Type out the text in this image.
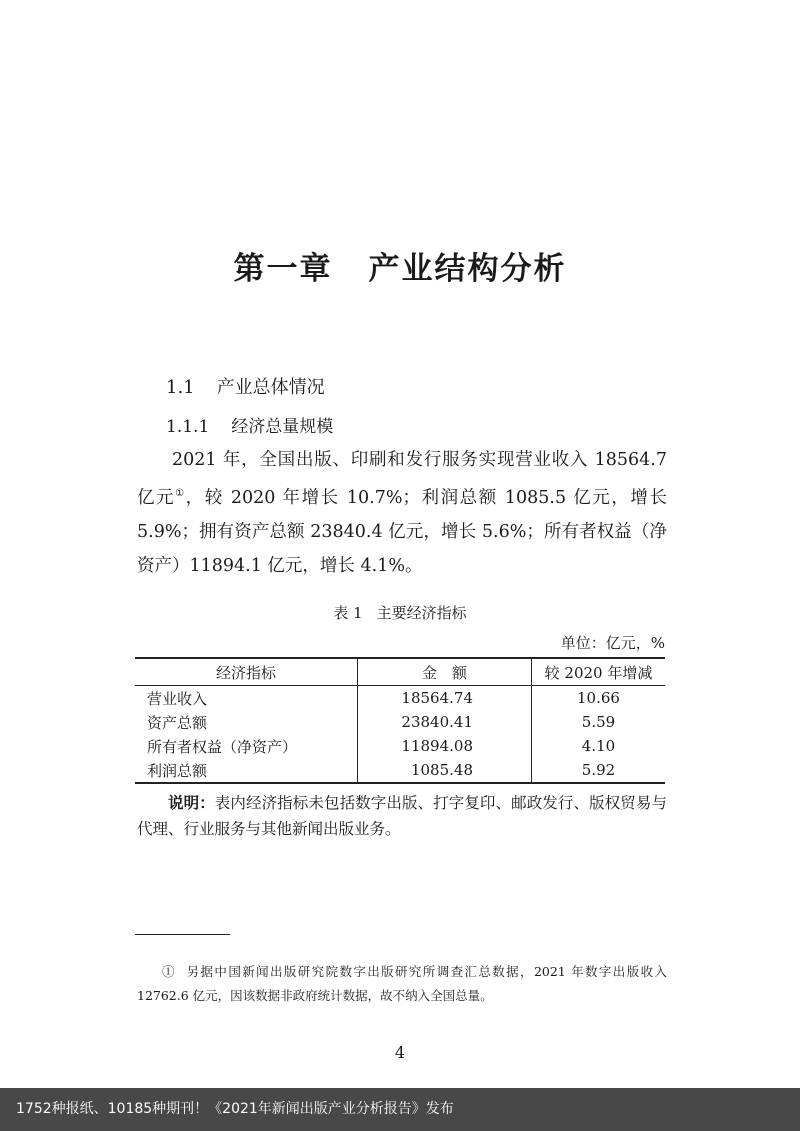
第一章 产业结构分析
1.1 产业总体情况
1.1.1 经济总量规模

2021 年，全国出版、印刷和发行服务实现营业收入 18564.7 亿元①，较 2020 年增长 10.7%；利润总额 1085.5 亿元，增长 5.9%；拥有资产总额 23840.4 亿元，增长 5.6%；所有者权益（净资产）11894.1 亿元，增长 4.1%。

表 1 主要经济指标
单位：亿元，%
经济指标	金　额	较 2020 年增减
营业收入	18564.74	10.66
资产总额	23840.41	5.59
所有者权益（净资产）	11894.08	4.10
利润总额	1085.48	5.92

说明：表内经济指标未包括数字出版、打字复印、邮政发行、版权贸易与代理、行业服务与其他新闻出版业务。

① 另据中国新闻出版研究院数字出版研究所调查汇总数据，2021 年数字出版收入 12762.6 亿元，因该数据非政府统计数据，故不纳入全国总量。

4
1752种报纸、10185种期刊！《2021年新闻出版产业分析报告》发布
